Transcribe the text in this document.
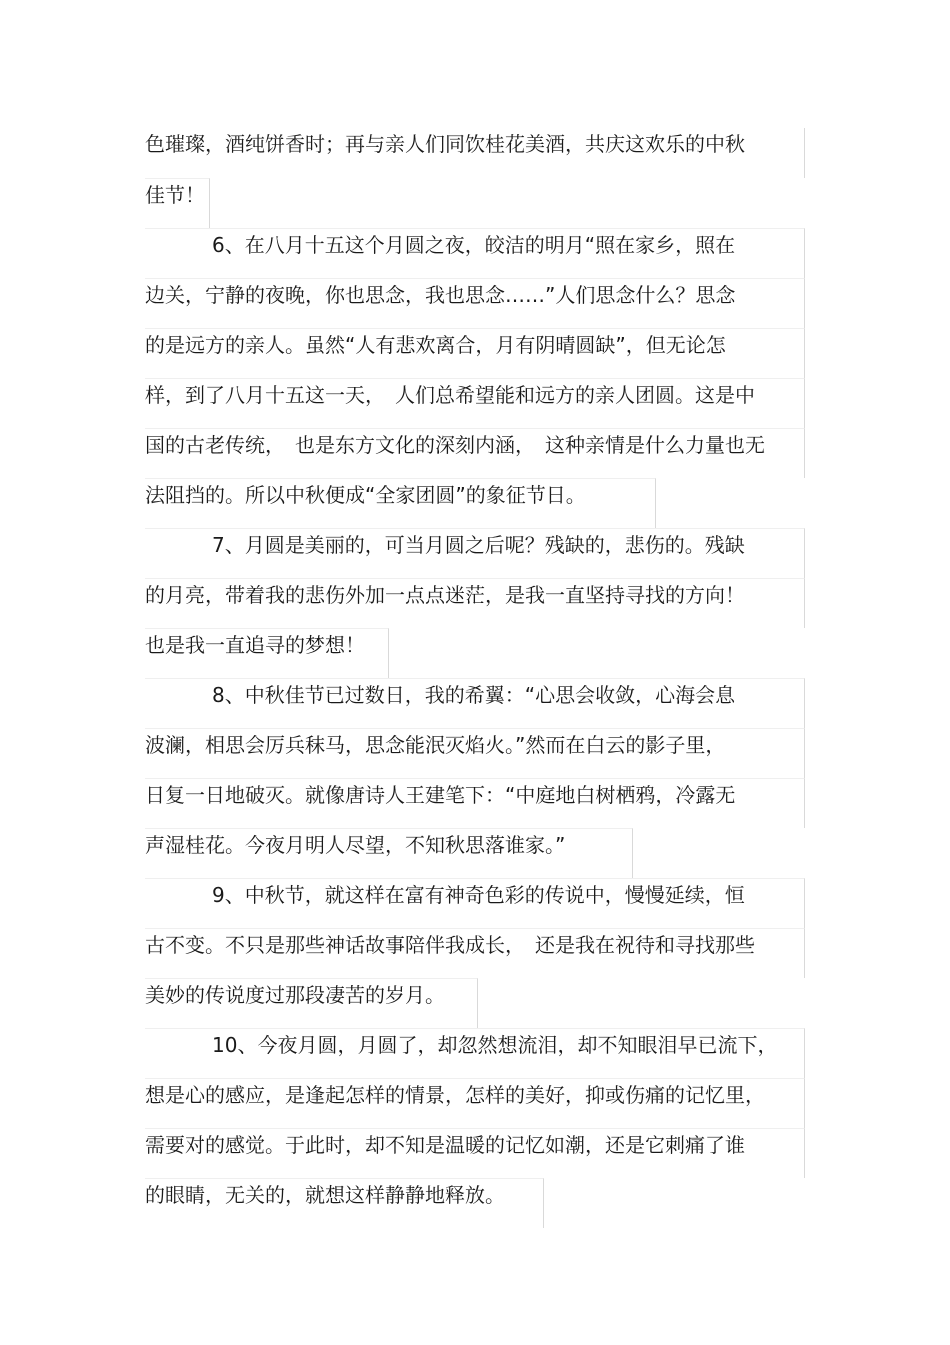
色璀璨，酒纯饼香时；再与亲人们同饮桂花美酒，共庆这欢乐的中秋
佳节！
6、在八月十五这个月圆之夜，皎洁的明月“照在家乡，照在
边关，宁静的夜晚，你也思念，我也思念……”人们思念什么？思念
的是远方的亲人。虽然“人有悲欢离合，月有阴晴圆缺”，但无论怎
样，到了八月十五这一天，　人们总希望能和远方的亲人团圆。这是中
国的古老传统，　也是东方文化的深刻内涵，　这种亲情是什么力量也无
法阻挡的。所以中秋便成“全家团圆”的象征节日。
7、月圆是美丽的，可当月圆之后呢？残缺的，悲伤的。残缺
的月亮，带着我的悲伤外加一点点迷茫，是我一直坚持寻找的方向！
也是我一直追寻的梦想！
8、中秋佳节已过数日，我的希翼：“心思会收敛，心海会息
波澜，相思会厉兵秣马，思念能泯灭焰火。”然而在白云的影子里，
日复一日地破灭。就像唐诗人王建笔下：“中庭地白树栖鸦，冷露无
声湿桂花。今夜月明人尽望，不知秋思落谁家。”
9、中秋节，就这样在富有神奇色彩的传说中，慢慢延续，恒
古不变。不只是那些神话故事陪伴我成长，　还是我在祝待和寻找那些
美妙的传说度过那段凄苦的岁月。
10、今夜月圆，月圆了，却忽然想流泪，却不知眼泪早已流下，
想是心的感应，是逢起怎样的情景，怎样的美好，抑或伤痛的记忆里，
需要对的感觉。于此时，却不知是温暖的记忆如潮，还是它刺痛了谁
的眼睛，无关的，就想这样静静地释放。
